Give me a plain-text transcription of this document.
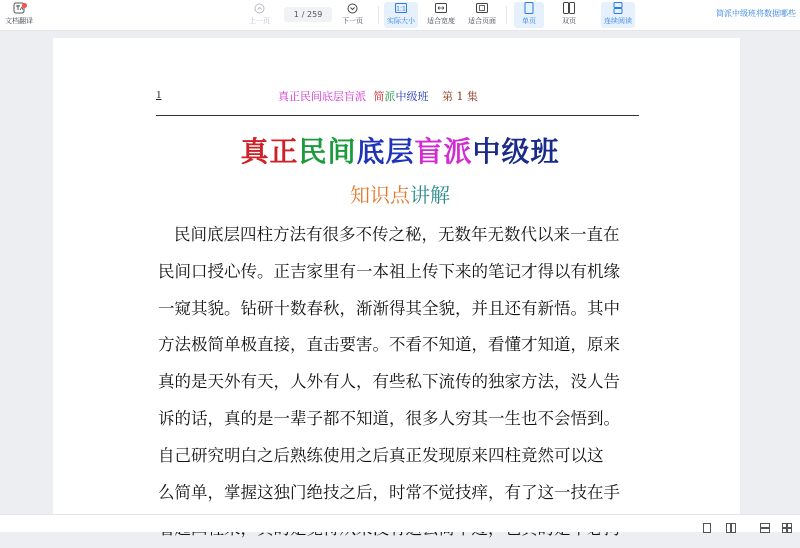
文档翻译	上一页
1 / 259
下一页
1:1
实际大小 适合宽度 适合页面	单页	双页	连续阅读
简派中级班将数据哪些
1	真正民间底层盲派 简派中级班 第 1 集
真正民间底层盲派中级班
知识点讲解
民间底层四柱方法有很多不传之秘，无数年无数代以来一直在
民间口授心传。正吉家里有一本祖上传下来的笔记才得以有机缘
一窥其貌。钻研十数春秋，渐渐得其全貌，并且还有新悟。其中
方法极简单极直接，直击要害。不看不知道，看懂才知道，原来
真的是天外有天，人外有人，有些私下流传的独家方法，没人告
诉的话，真的是一辈子都不知道，很多人穷其一生也不会悟到。
自己研究明白之后熟练使用之后真正发现原来四柱竟然可以这
么简单，掌握这独门绝技之后，时常不觉技痒，有了这一技在手
